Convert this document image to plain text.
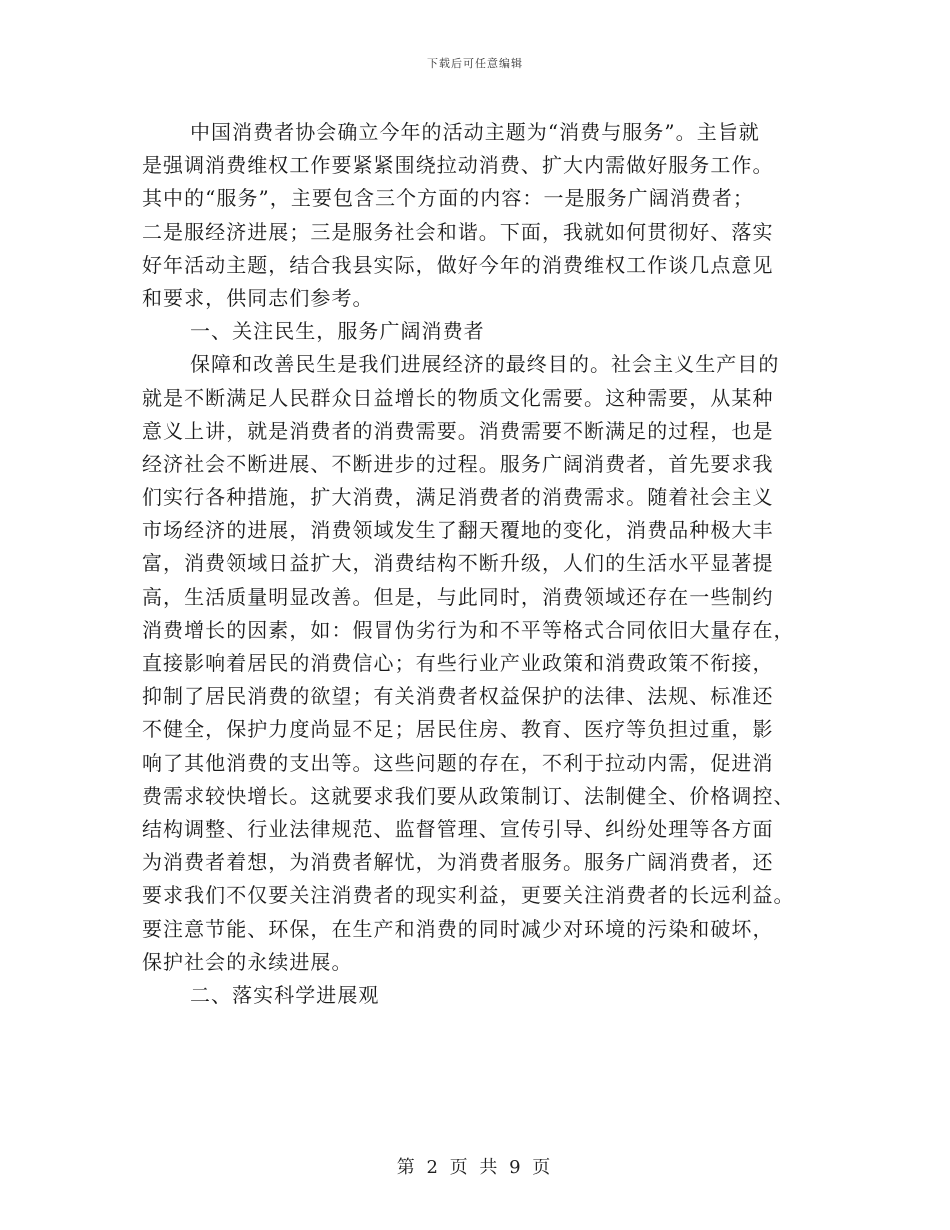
下载后可任意编辑
中国消费者协会确立今年的活动主题为“消费与服务”。主旨就
是强调消费维权工作要紧紧围绕拉动消费、扩大内需做好服务工作。
其中的“服务”，主要包含三个方面的内容：一是服务广阔消费者；
二是服经济进展；三是服务社会和谐。下面，我就如何贯彻好、落实
好年活动主题，结合我县实际，做好今年的消费维权工作谈几点意见
和要求，供同志们参考。
一、关注民生，服务广阔消费者
保障和改善民生是我们进展经济的最终目的。社会主义生产目的
就是不断满足人民群众日益增长的物质文化需要。这种需要，从某种
意义上讲，就是消费者的消费需要。消费需要不断满足的过程，也是
经济社会不断进展、不断进步的过程。服务广阔消费者，首先要求我
们实行各种措施，扩大消费，满足消费者的消费需求。随着社会主义
市场经济的进展，消费领域发生了翻天覆地的变化，消费品种极大丰
富，消费领域日益扩大，消费结构不断升级，人们的生活水平显著提
高，生活质量明显改善。但是，与此同时，消费领域还存在一些制约
消费增长的因素，如：假冒伪劣行为和不平等格式合同依旧大量存在，
直接影响着居民的消费信心；有些行业产业政策和消费政策不衔接，
抑制了居民消费的欲望；有关消费者权益保护的法律、法规、标准还
不健全，保护力度尚显不足；居民住房、教育、医疗等负担过重，影
响了其他消费的支出等。这些问题的存在，不利于拉动内需，促进消
费需求较快增长。这就要求我们要从政策制订、法制健全、价格调控、
结构调整、行业法律规范、监督管理、宣传引导、纠纷处理等各方面
为消费者着想，为消费者解忧，为消费者服务。服务广阔消费者，还
要求我们不仅要关注消费者的现实利益，更要关注消费者的长远利益。
要注意节能、环保，在生产和消费的同时减少对环境的污染和破坏，
保护社会的永续进展。
二、落实科学进展观
第 2 页 共 9 页
